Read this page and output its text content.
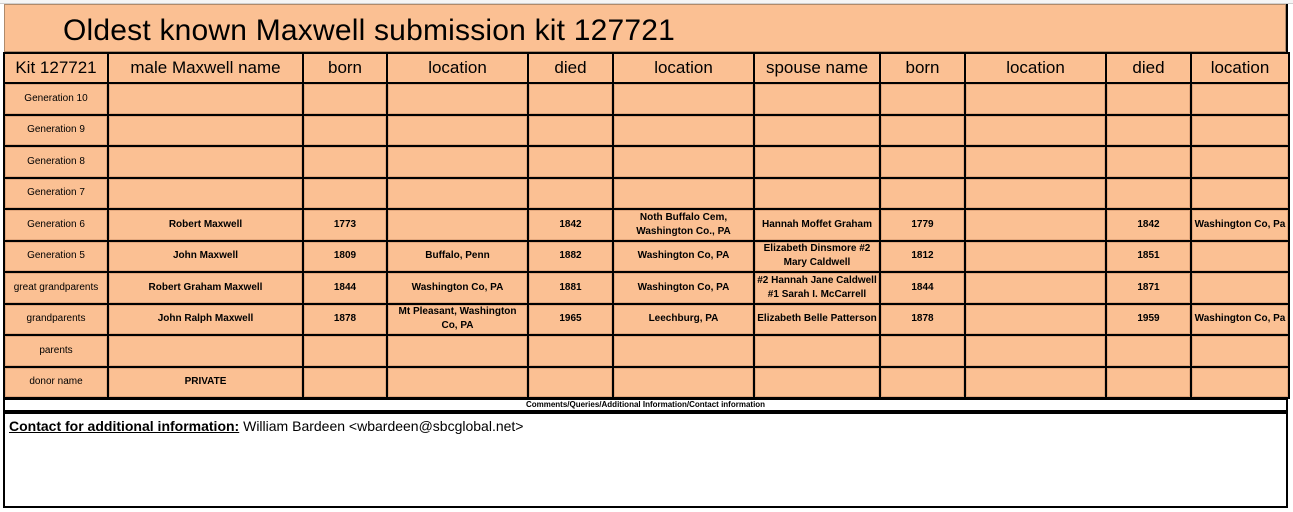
Oldest known Maxwell submission kit 127721
Kit 127721	male Maxwell name	born	location	died	location	spouse name	born	location	died	location
Generation 10										
Generation 9										
Generation 8										
Generation 7										
Generation 6	Robert Maxwell	1773		1842	Noth Buffalo Cem, Washington Co., PA	Hannah Moffet Graham	1779		1842	Washington Co, Pa
Generation 5	John Maxwell	1809	Buffalo, Penn	1882	Washington Co, PA	Elizabeth Dinsmore #2 Mary Caldwell	1812		1851	
great grandparents	Robert Graham Maxwell	1844	Washington Co, PA	1881	Washington Co, PA	#2 Hannah Jane Caldwell #1 Sarah I. McCarrell	1844		1871	
grandparents	John Ralph Maxwell	1878	Mt Pleasant, Washington Co, PA	1965	Leechburg, PA	Elizabeth Belle Patterson	1878		1959	Washington Co, Pa
parents										
donor name	PRIVATE									
Comments/Queries/Additional Information/Contact information
Contact for additional information: William Bardeen <wbardeen@sbcglobal.net>
